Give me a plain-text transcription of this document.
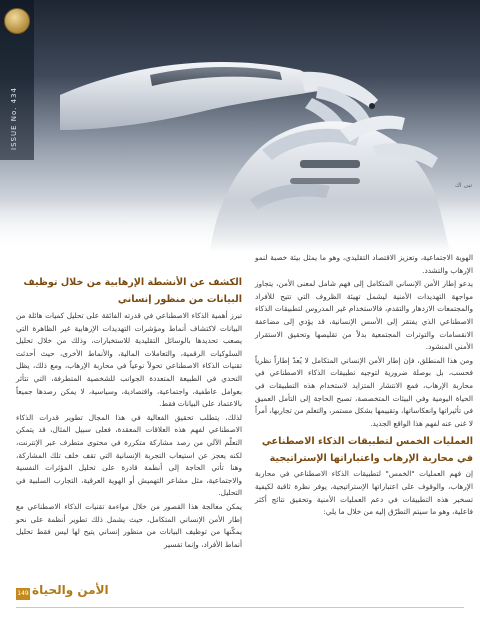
ISSUE No. 434
تبى اك

الهوية الاجتماعية، وتعزيز الاقتصاد التقليدي، وهو ما يمثل بيئة خصبة لنمو الإرهاب والتشدد.

يدعو إطار الأمن الإنساني المتكامل إلى فهم شامل لمعنى الأمن، يتجاوز مواجهة التهديدات الأمنية ليشمل تهيئة الظروف التي تتيح للأفراد والمجتمعات الازدهار والتقدم، فالاستخدام غير المدروس لتطبيقات الذكاء الاصطناعي الذي يفتقر إلى الأسس الإنسانية، قد يؤدي إلى مضاعفة الانقسامات والتوترات المجتمعية بدلاً من تقليصها وتحقيق الاستقرار الأمني المنشود.

ومن هذا المنطلق، فإن إطار الأمن الإنساني المتكامل لا يُعدّ إطاراً نظرياً فحسب، بل بوصلة ضرورية لتوجيه تطبيقات الذكاء الاصطناعي في محاربة الإرهاب، فمع الانتشار المتزايد لاستخدام هذه التطبيقات في الحياة اليومية وفي البيئات المتخصصة، تصبح الحاجة إلى التأمل العميق في تأثيراتها وانعكاساتها، وتقييمها بشكل مستمر، والتعلم من تجاربها، أمراً لا غنى عنه لفهم هذا الواقع الجديد.

العمليات الخمس لتطبيقات الذكاء الاصطناعي في محاربة الإرهاب واعتباراتها الإستراتيجية

إن فهم العمليات "الخمس" لتطبيقات الذكاء الاصطناعي في محاربة الإرهاب، والوقوف على اعتباراتها الإستراتيجية، يوفر نظرة ثاقبة لكيفية تسخير هذه التطبيقات في دعم العمليات الأمنية وتحقيق نتائج أكثر فاعلية، وهو ما سيتم التطرّق إليه من خلال ما يلي:

الكشف عن الأنشطة الإرهابية من خلال توظيف البيانات من منظور إنساني

تبرز أهمية الذكاء الاصطناعي في قدرته الفائقة على تحليل كميات هائلة من البيانات لاكتشاف أنماط ومؤشرات التهديدات الإرهابية غير الظاهرة التي يصعب تحديدها بالوسائل التقليدية للاستخبارات، وذلك من خلال تحليل السلوكيات الرقمية، والتعاملات المالية، والأنماط الأخرى، حيث أحدثت تقنيات الذكاء الاصطناعي تحولاً نوعياً في محاربة الإرهاب، ومع ذلك، يظل التحدي في الطبيعة المتعددة الجوانب للشخصية المتطرفة، التي تتأثر بعوامل عاطفية، واجتماعية، واقتصادية، وسياسية، لا يمكن رصدها جميعاً بالاعتماد على البيانات فقط.

لذلك، يتطلب تحقيق الفعالية في هذا المجال تطوير قدرات الذكاء الاصطناعي لفهم هذه العلاقات المعقدة، فعلى سبيل المثال، قد يتمكن التعلّم الآلي من رصد مشاركة متكررة في محتوى متطرف عبر الإنترنت، لكنه يعجز عن استيعاب التجربة الإنسانية التي تقف خلف تلك المشاركة، وهنا تأتي الحاجة إلى أنظمة قادرة على تحليل المؤثرات النفسية والاجتماعية، مثل مشاعر التهميش أو الهوية العرقية، التجارب السلبية في التحليل.

يمكن معالجة هذا القصور من خلال مواءمة تقنيات الذكاء الاصطناعي مع إطار الأمن الإنساني المتكامل، حيث يشمل ذلك تطوير أنظمة على نحو يمكّنها من توظيف البيانات من منظور إنساني يتيح لها ليس فقط تحليل أنماط الأفراد، وإنما تفسير

149 الأمن والحياة
